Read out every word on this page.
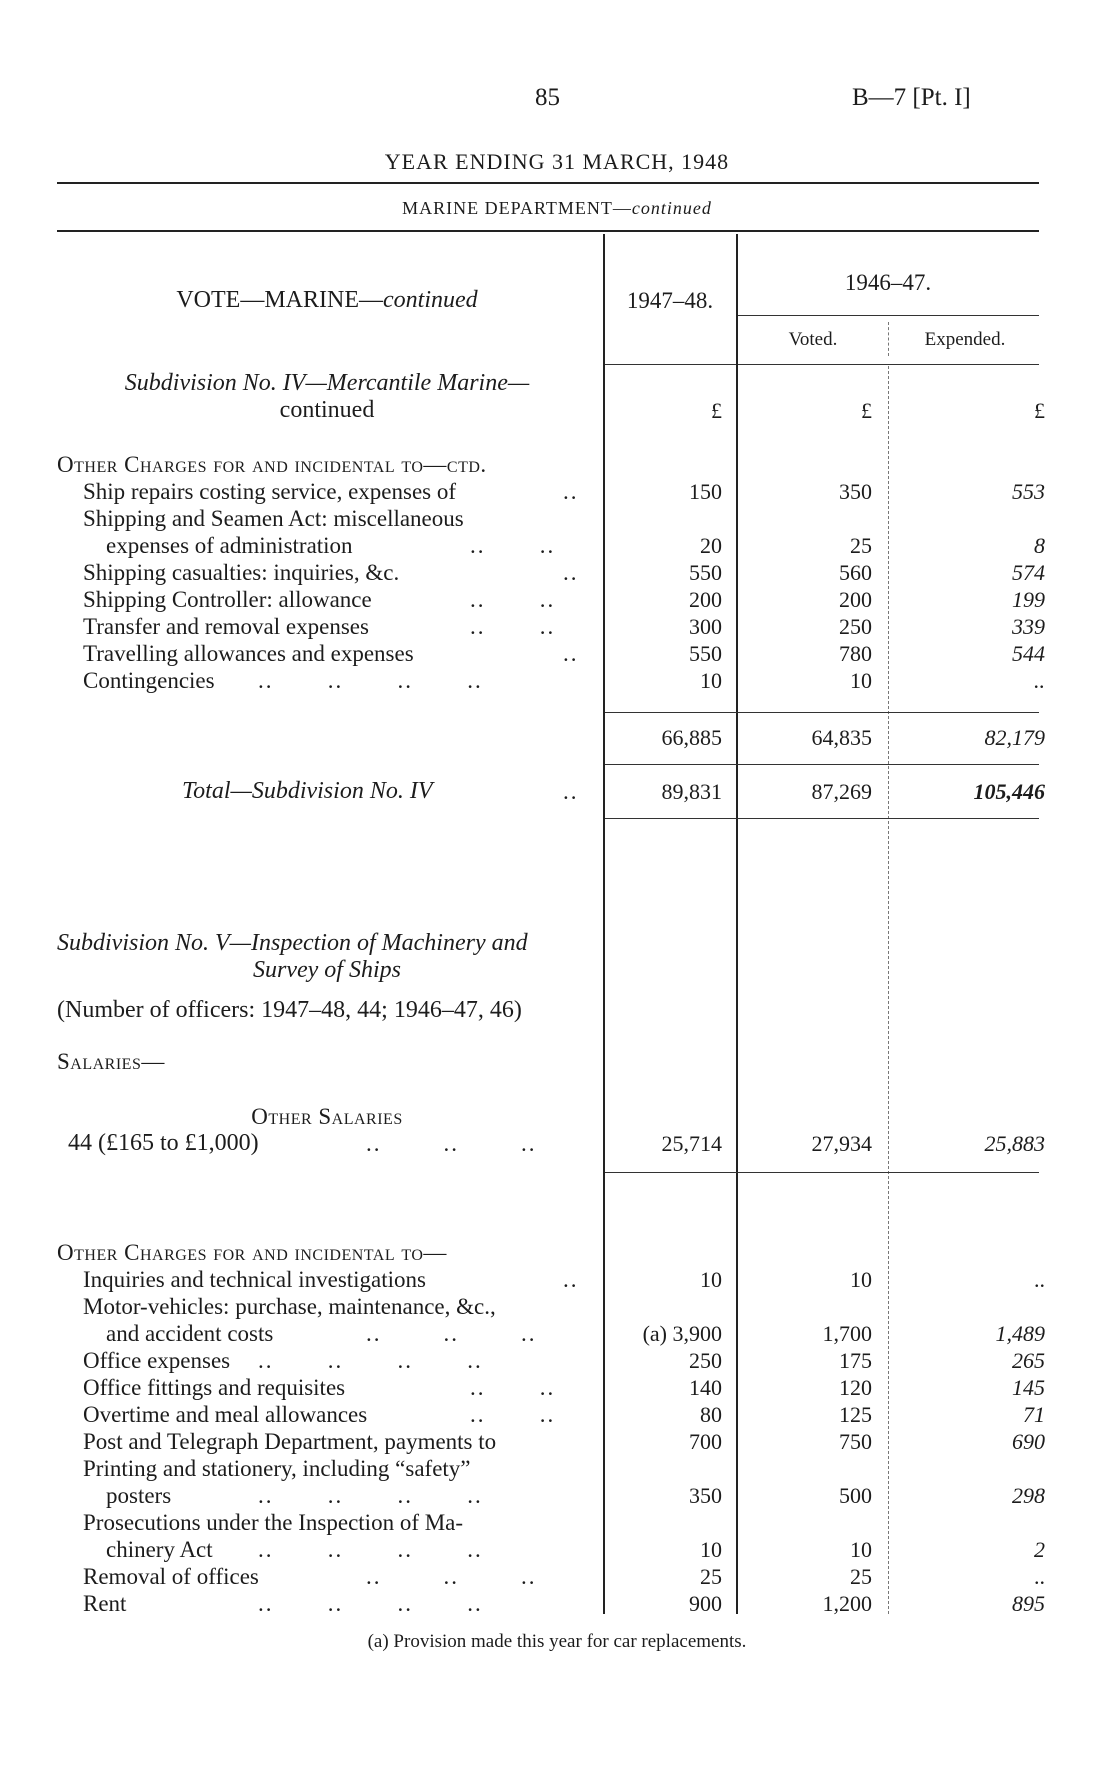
85	B—7 [Pt. I]
YEAR ENDING 31 MARCH, 1948
MARINE DEPARTMENT—continued
VOTE—MARINE—continued	1947–48.
1946–47.
Voted.	Expended.
£	£	£
Subdivision No. IV—Mercantile Marine—
continued
Other Charges for and incidental to—ctd.
Ship repairs costing service, expenses of	..	150	350	553
Shipping and Seamen Act: miscellaneous
expenses of administration	..       ..	20	25	8
Shipping casualties: inquiries, &c.	..	550	560	574
Shipping Controller: allowance	..       ..	200	200	199
Transfer and removal expenses	..       ..	300	250	339
Travelling allowances and expenses	..	550	780	544
Contingencies ..       ..       ..       ..	10	10	..
66,885	64,835	82,179
Total—Subdivision No. IV	..	89,831	87,269	105,446
Subdivision No. V—Inspection of Machinery and
Survey of Ships
(Number of officers: 1947–48, 44; 1946–47, 46)
Salaries—
Other Salaries
44 (£165 to £1,000)	..        ..        ..	25,714	27,934	25,883
Other Charges for and incidental to—
Inquiries and technical investigations	..	10	10	..
Motor-vehicles: purchase, maintenance, &c.,
and accident costs	..        ..        ..	(a) 3,900	1,700	1,489
Office expenses ..       ..       ..       ..	250	175	265
Office fittings and requisites	..       ..	140	120	145
Overtime and meal allowances	..       ..	80	125	71
Post and Telegraph Department, payments to	700	750	690
Printing and stationery, including “safety”
posters	..       ..       ..       ..	350	500	298
Prosecutions under the Inspection of Ma-
chinery Act ..       ..       ..       ..	10	10	2
Removal of offices	..        ..        ..	25	25	..
Rent	..       ..       ..       ..	900	1,200	895
(a) Provision made this year for car replacements.
